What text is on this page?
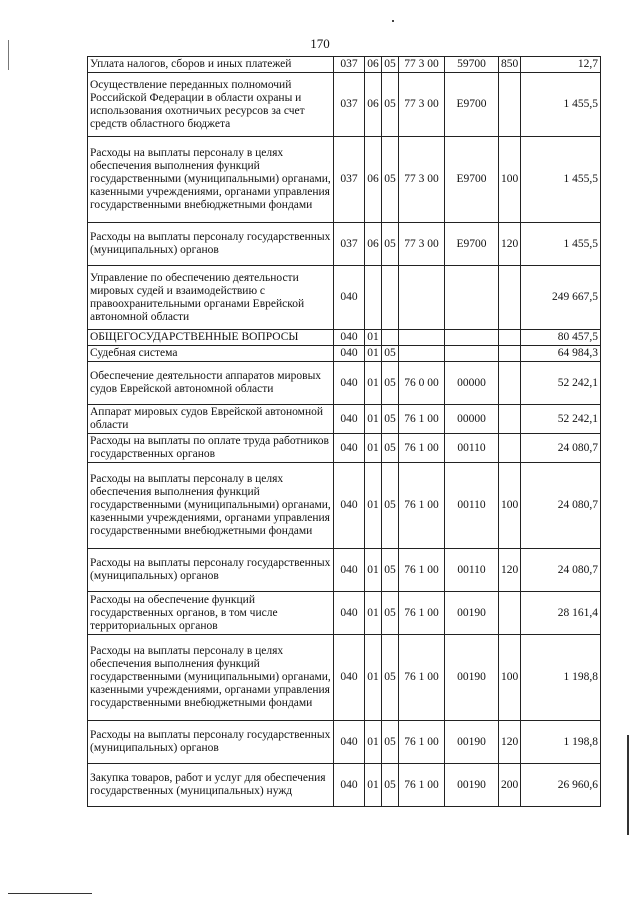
170
Уплата налогов, сборов и иных платежей	037	06	05	77 3 00	59700	850	12,7
Осуществление переданных полномочий Российской Федерации в области охраны и использования охотничьих ресурсов за счет средств областного бюджета	037	06	05	77 3 00	Е9700		1 455,5
Расходы на выплаты персоналу в целях обеспечения выполнения функций государственными (муниципальными) органами, казенными учреждениями, органами управления государственными внебюджетными фондами	037	06	05	77 3 00	Е9700	100	1 455,5
Расходы на выплаты персоналу государственных (муниципальных) органов	037	06	05	77 3 00	Е9700	120	1 455,5
Управление по обеспечению деятельности мировых судей и взаимодействию с правоохранительными органами Еврейской автономной области	040						249 667,5
ОБЩЕГОСУДАРСТВЕННЫЕ ВОПРОСЫ	040	01					80 457,5
Судебная система	040	01	05				64 984,3
Обеспечение деятельности аппаратов мировых судов Еврейской автономной области	040	01	05	76 0 00	00000		52 242,1
Аппарат мировых судов Еврейской автономной области	040	01	05	76 1 00	00000		52 242,1
Расходы на выплаты по оплате труда работников государственных органов	040	01	05	76 1 00	00110		24 080,7
Расходы на выплаты персоналу в целях обеспечения выполнения функций государственными (муниципальными) органами, казенными учреждениями, органами управления государственными внебюджетными фондами	040	01	05	76 1 00	00110	100	24 080,7
Расходы на выплаты персоналу государственных (муниципальных) органов	040	01	05	76 1 00	00110	120	24 080,7
Расходы на обеспечение функций государственных органов, в том числе территориальных органов	040	01	05	76 1 00	00190		28 161,4
Расходы на выплаты персоналу в целях обеспечения выполнения функций государственными (муниципальными) органами, казенными учреждениями, органами управления государственными внебюджетными фондами	040	01	05	76 1 00	00190	100	1 198,8
Расходы на выплаты персоналу государственных (муниципальных) органов	040	01	05	76 1 00	00190	120	1 198,8
Закупка товаров, работ и услуг для обеспечения государственных (муниципальных) нужд	040	01	05	76 1 00	00190	200	26 960,6
